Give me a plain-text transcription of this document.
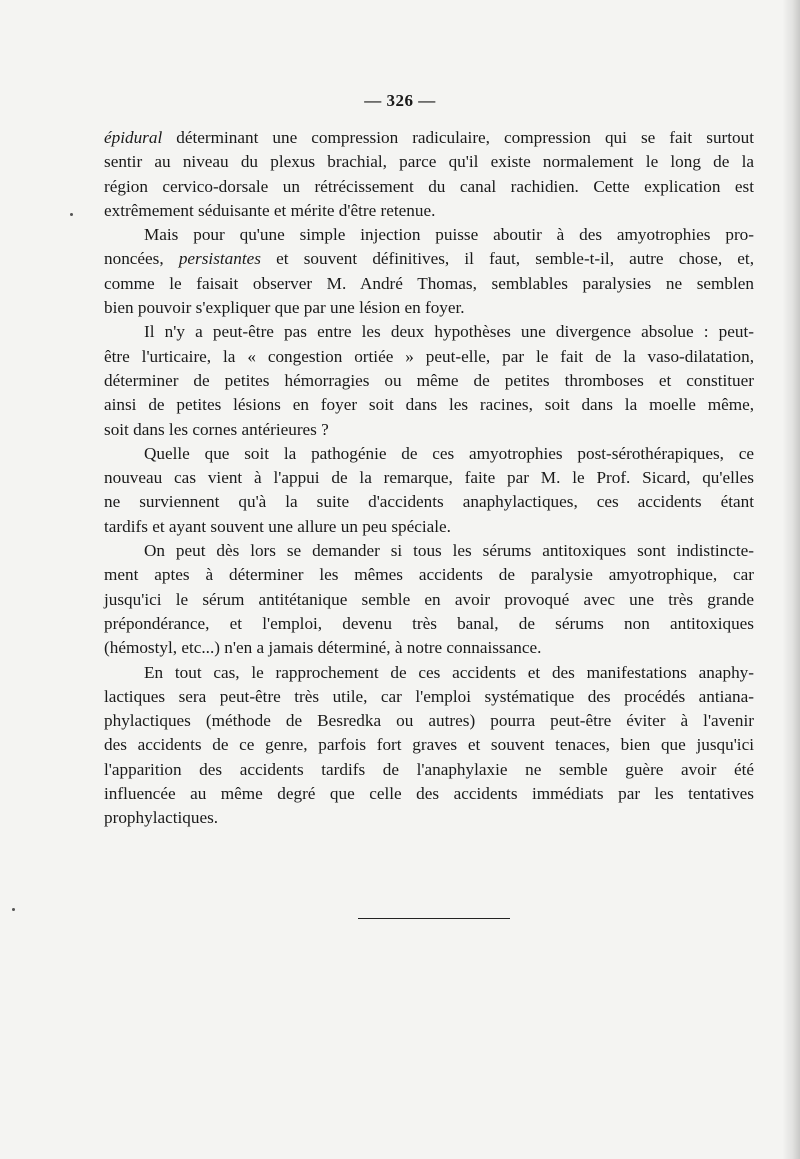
— 326 —
épidural déterminant une compression radiculaire, compression qui se fait surtout
sentir au niveau du plexus brachial, parce qu'il existe normalement le long de la
région cervico-dorsale un rétrécissement du canal rachidien. Cette explication est
extrêmement séduisante et mérite d'être retenue.
Mais pour qu'une simple injection puisse aboutir à des amyotrophies pro-
noncées, persistantes et souvent définitives, il faut, semble-t-il, autre chose, et,
comme le faisait observer M. André Thomas, semblables paralysies ne semblen
bien pouvoir s'expliquer que par une lésion en foyer.
Il n'y a peut-être pas entre les deux hypothèses une divergence absolue : peut-
être l'urticaire, la « congestion ortiée » peut-elle, par le fait de la vaso-dilatation,
déterminer de petites hémorragies ou même de petites thromboses et constituer
ainsi de petites lésions en foyer soit dans les racines, soit dans la moelle même,
soit dans les cornes antérieures ?
Quelle que soit la pathogénie de ces amyotrophies post-sérothérapiques, ce
nouveau cas vient à l'appui de la remarque, faite par M. le Prof. Sicard, qu'elles
ne surviennent qu'à la suite d'accidents anaphylactiques, ces accidents étant
tardifs et ayant souvent une allure un peu spéciale.
On peut dès lors se demander si tous les sérums antitoxiques sont indistincte-
ment aptes à déterminer les mêmes accidents de paralysie amyotrophique, car
jusqu'ici le sérum antitétanique semble en avoir provoqué avec une très grande
prépondérance, et l'emploi, devenu très banal, de sérums non antitoxiques
(hémostyl, etc...) n'en a jamais déterminé, à notre connaissance.
En tout cas, le rapprochement de ces accidents et des manifestations anaphy-
lactiques sera peut-être très utile, car l'emploi systématique des procédés antiana-
phylactiques (méthode de Besredka ou autres) pourra peut-être éviter à l'avenir
des accidents de ce genre, parfois fort graves et souvent tenaces, bien que jusqu'ici
l'apparition des accidents tardifs de l'anaphylaxie ne semble guère avoir été
influencée au même degré que celle des accidents immédiats par les tentatives
prophylactiques.
